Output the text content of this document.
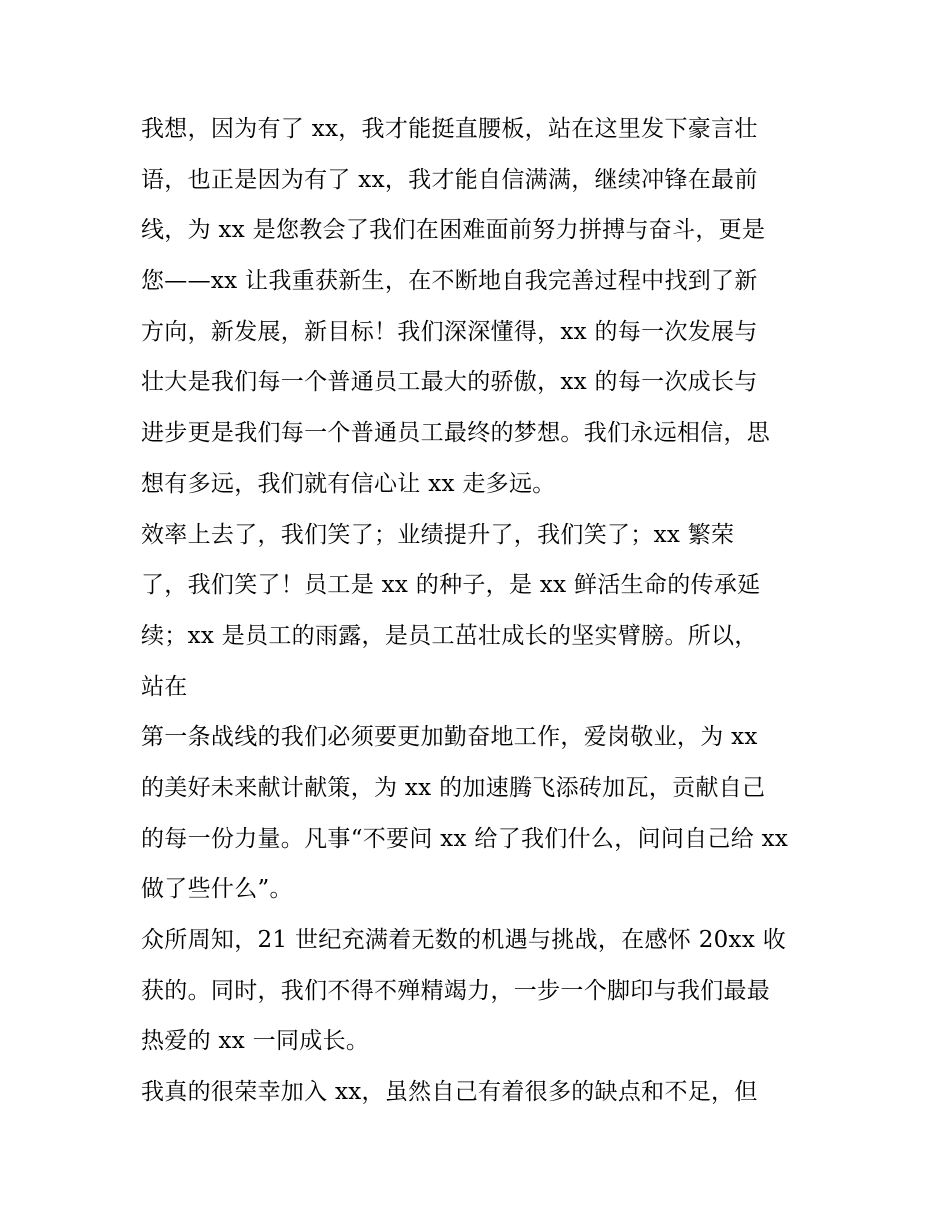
我想，因为有了 xx，我才能挺直腰板，站在这里发下豪言壮
语，也正是因为有了 xx，我才能自信满满，继续冲锋在最前
线，为 xx 是您教会了我们在困难面前努力拼搏与奋斗，更是
您——xx 让我重获新生，在不断地自我完善过程中找到了新
方向，新发展，新目标！我们深深懂得，xx 的每一次发展与
壮大是我们每一个普通员工最大的骄傲，xx 的每一次成长与
进步更是我们每一个普通员工最终的梦想。我们永远相信，思
想有多远，我们就有信心让 xx 走多远。
效率上去了，我们笑了；业绩提升了，我们笑了；xx 繁荣
了，我们笑了！员工是 xx 的种子，是 xx 鲜活生命的传承延
续；xx 是员工的雨露，是员工茁壮成长的坚实臂膀。所以，
站在
第一条战线的我们必须要更加勤奋地工作，爱岗敬业，为 xx
的美好未来献计献策，为 xx 的加速腾飞添砖加瓦，贡献自己
的每一份力量。凡事“不要问 xx 给了我们什么，问问自己给 xx
做了些什么”。
众所周知，21 世纪充满着无数的机遇与挑战，在感怀 20xx 收
获的。同时，我们不得不殚精竭力，一步一个脚印与我们最最
热爱的 xx 一同成长。
我真的很荣幸加入 xx，虽然自己有着很多的缺点和不足，但
